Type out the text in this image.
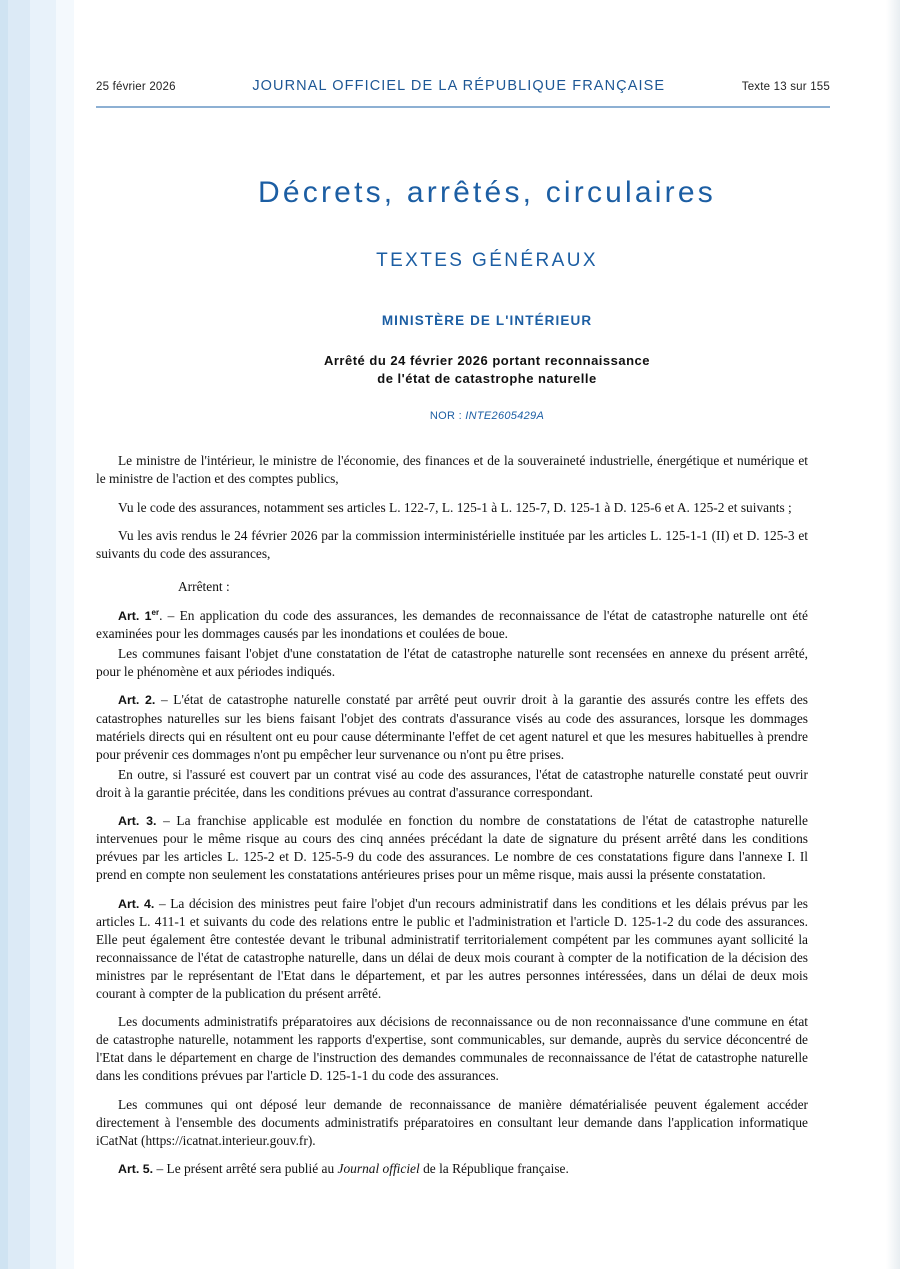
25 février 2026	JOURNAL OFFICIEL DE LA RÉPUBLIQUE FRANÇAISE	Texte 13 sur 155
Décrets, arrêtés, circulaires
TEXTES GÉNÉRAUX
MINISTÈRE DE L'INTÉRIEUR
Arrêté du 24 février 2026 portant reconnaissance
de l'état de catastrophe naturelle
NOR : INTE2605429A

Le ministre de l'intérieur, le ministre de l'économie, des finances et de la souveraineté industrielle, énergétique et numérique et le ministre de l'action et des comptes publics,

Vu le code des assurances, notamment ses articles L. 122-7, L. 125-1 à L. 125-7, D. 125-1 à D. 125-6 et A. 125-2 et suivants ;

Vu les avis rendus le 24 février 2026 par la commission interministérielle instituée par les articles L. 125-1-1 (II) et D. 125-3 et suivants du code des assurances,

Arrêtent :

Art. 1er. – En application du code des assurances, les demandes de reconnaissance de l'état de catastrophe naturelle ont été examinées pour les dommages causés par les inondations et coulées de boue.

Les communes faisant l'objet d'une constatation de l'état de catastrophe naturelle sont recensées en annexe du présent arrêté, pour le phénomène et aux périodes indiqués.

Art. 2. – L'état de catastrophe naturelle constaté par arrêté peut ouvrir droit à la garantie des assurés contre les effets des catastrophes naturelles sur les biens faisant l'objet des contrats d'assurance visés au code des assurances, lorsque les dommages matériels directs qui en résultent ont eu pour cause déterminante l'effet de cet agent naturel et que les mesures habituelles à prendre pour prévenir ces dommages n'ont pu empêcher leur survenance ou n'ont pu être prises.

En outre, si l'assuré est couvert par un contrat visé au code des assurances, l'état de catastrophe naturelle constaté peut ouvrir droit à la garantie précitée, dans les conditions prévues au contrat d'assurance correspondant.

Art. 3. – La franchise applicable est modulée en fonction du nombre de constatations de l'état de catastrophe naturelle intervenues pour le même risque au cours des cinq années précédant la date de signature du présent arrêté dans les conditions prévues par les articles L. 125-2 et D. 125-5-9 du code des assurances. Le nombre de ces constatations figure dans l'annexe I. Il prend en compte non seulement les constatations antérieures prises pour un même risque, mais aussi la présente constatation.

Art. 4. – La décision des ministres peut faire l'objet d'un recours administratif dans les conditions et les délais prévus par les articles L. 411-1 et suivants du code des relations entre le public et l'administration et l'article D. 125-1-2 du code des assurances. Elle peut également être contestée devant le tribunal administratif territorialement compétent par les communes ayant sollicité la reconnaissance de l'état de catastrophe naturelle, dans un délai de deux mois courant à compter de la notification de la décision des ministres par le représentant de l'Etat dans le département, et par les autres personnes intéressées, dans un délai de deux mois courant à compter de la publication du présent arrêté.

Les documents administratifs préparatoires aux décisions de reconnaissance ou de non reconnaissance d'une commune en état de catastrophe naturelle, notamment les rapports d'expertise, sont communicables, sur demande, auprès du service déconcentré de l'Etat dans le département en charge de l'instruction des demandes communales de reconnaissance de l'état de catastrophe naturelle dans les conditions prévues par l'article D. 125-1-1 du code des assurances.

Les communes qui ont déposé leur demande de reconnaissance de manière dématérialisée peuvent également accéder directement à l'ensemble des documents administratifs préparatoires en consultant leur demande dans l'application informatique iCatNat (https://icatnat.interieur.gouv.fr).

Art. 5. – Le présent arrêté sera publié au Journal officiel de la République française.
